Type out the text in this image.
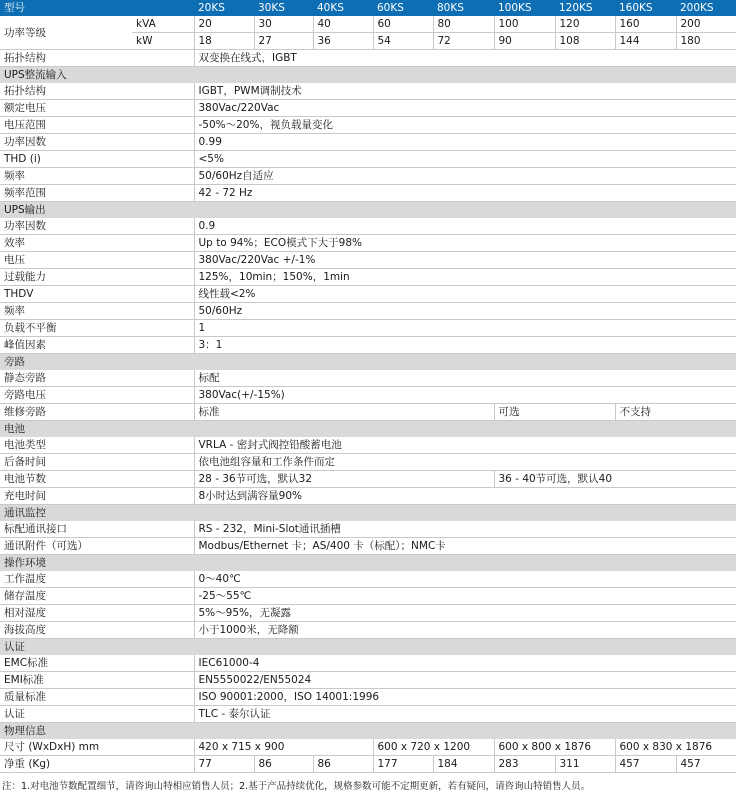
型号		20KS	30KS	40KS	60KS	80KS	100KS	120KS	160KS	200KS
功率等级	kVA	20	30	40	60	80	100	120	160	200
	kW	18	27	36	54	72	90	108	144	180
拓扑结构		双变换在线式，IGBT								
UPS整流输入										
拓扑结构		IGBT，PWM调制技术								
额定电压		380Vac/220Vac								
电压范围		-50%～20%，视负载量变化								
功率因数		0.99								
THD (i)		<5%								
频率		50/60Hz自适应								
频率范围		42 - 72 Hz								
UPS输出										
功率因数		0.9								
效率		Up to 94%；ECO模式下大于98%								
电压		380Vac/220Vac +/-1%								
过载能力		125%，10min；150%，1min								
THDV		线性载<2%								
频率		50/60Hz								
负载不平衡		1								
峰值因素		3：1								
旁路										
静态旁路		标配								
旁路电压		380Vac(+/-15%)								
维修旁路		标准					可选		不支持	
电池										
电池类型		VRLA - 密封式阀控铅酸蓄电池								
后备时间		依电池组容量和工作条件而定								
电池节数		28 - 36节可选，默认32					36 - 40节可选，默认40			
充电时间		8小时达到满容量90%								
通讯监控										
标配通讯接口		RS - 232，Mini-Slot通讯插槽								
通讯附件（可选）		Modbus/Ethernet 卡；AS/400 卡（标配）；NMC卡								
操作环境										
工作温度		0～40℃								
储存温度		-25～55℃								
相对湿度		5%～95%，无凝露								
海拔高度		小于1000米，无降额								
认证										
EMC标准		IEC61000-4								
EMI标准		EN5550022/EN55024								
质量标准		ISO 90001:2000，ISO 14001:1996								
认证		TLC - 泰尔认证								
物理信息										
尺寸 (WxDxH) mm		420 x 715 x 900			600 x 720 x 1200		600 x 800 x 1876		600 x 830 x 1876	
净重 (Kg)		77	86	86	177	184	283	311	457	457
注：1.对电池节数配置细节，请咨询山特相应销售人员；2.基于产品持续优化，规格参数可能不定期更新，若有疑问，请咨询山特销售人员。
